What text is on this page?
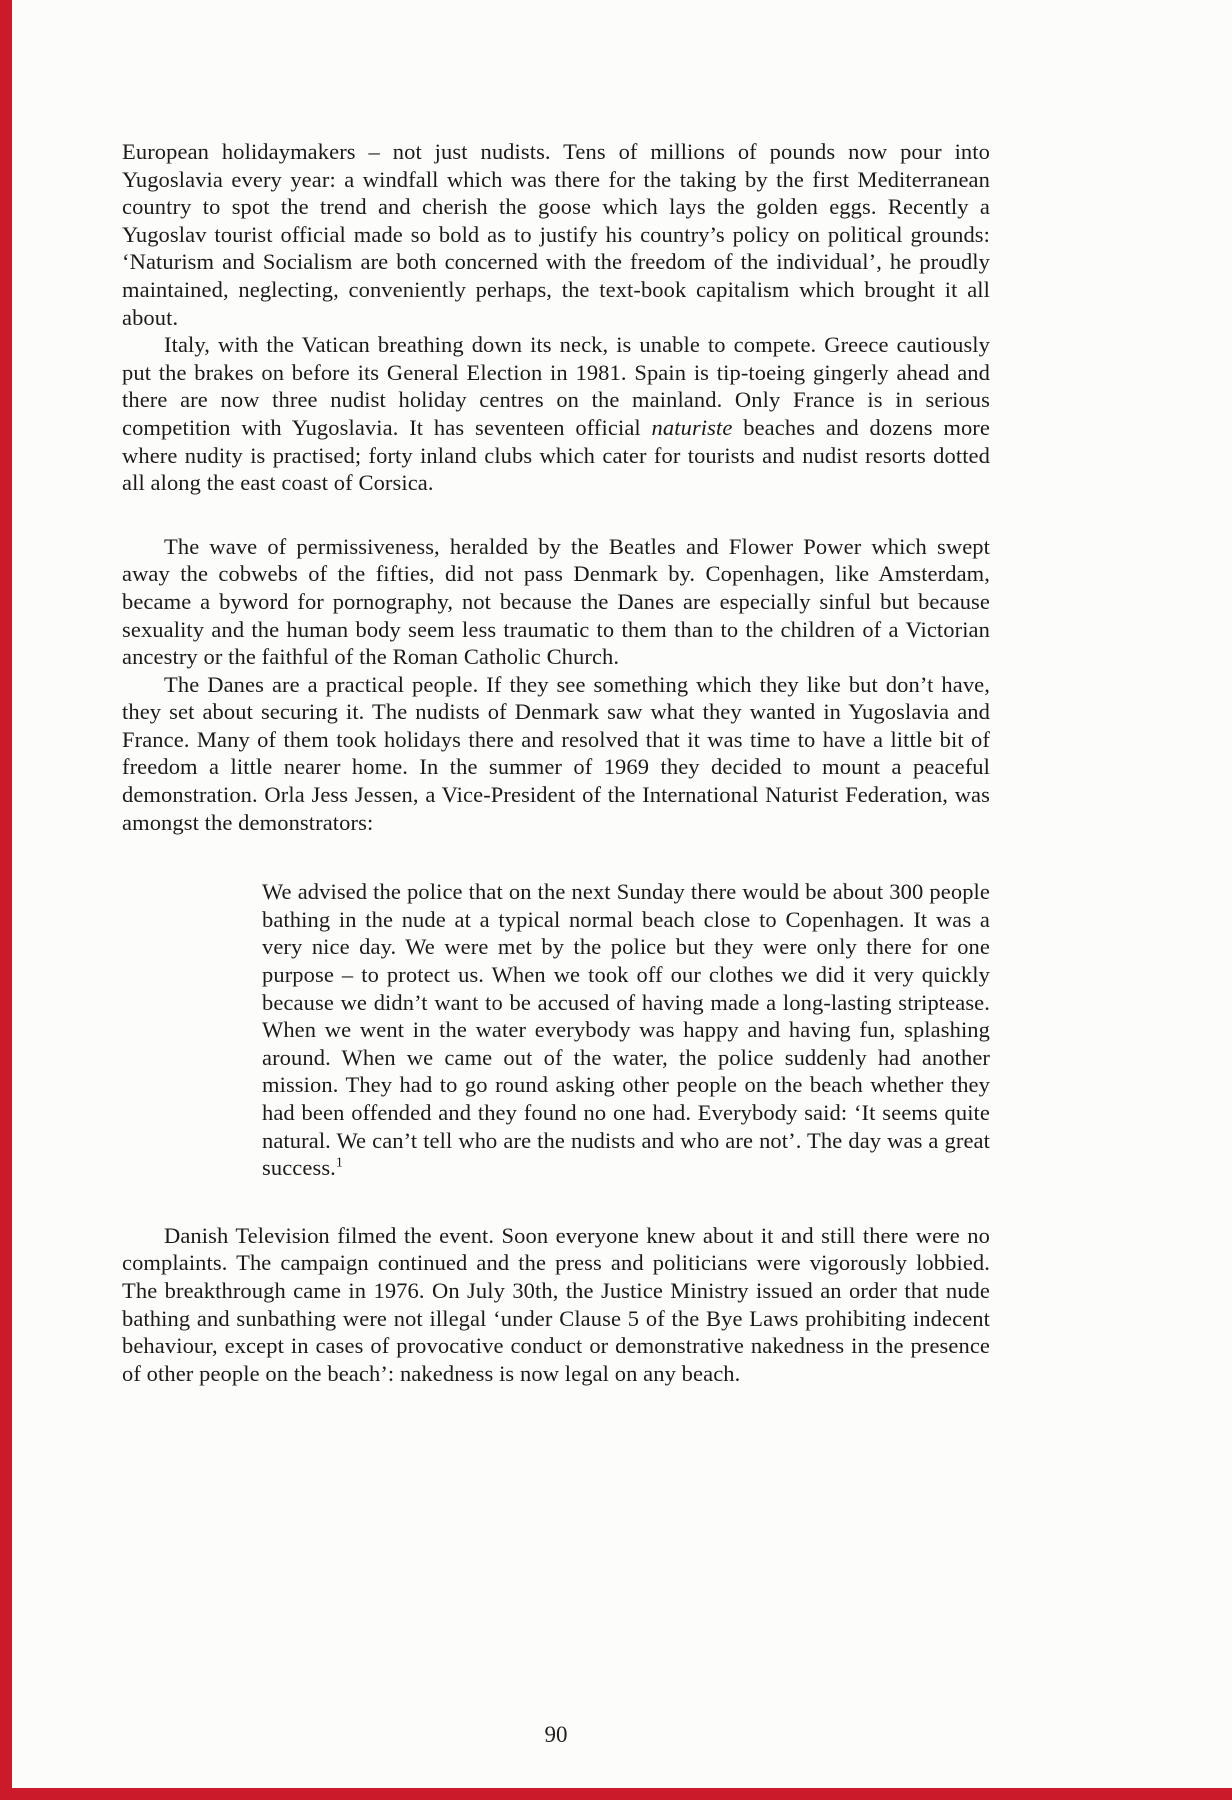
European holidaymakers – not just nudists. Tens of millions of pounds now pour into Yugoslavia every year: a windfall which was there for the taking by the first Mediterranean country to spot the trend and cherish the goose which lays the golden eggs. Recently a Yugoslav tourist official made so bold as to justify his country’s policy on political grounds: ‘Naturism and Socialism are both concerned with the freedom of the individual’, he proudly maintained, neglecting, conveniently perhaps, the text-book capitalism which brought it all about.

Italy, with the Vatican breathing down its neck, is unable to compete. Greece cautiously put the brakes on before its General Election in 1981. Spain is tip-toeing gingerly ahead and there are now three nudist holiday centres on the mainland. Only France is in serious competition with Yugoslavia. It has seventeen official naturiste beaches and dozens more where nudity is practised; forty inland clubs which cater for tourists and nudist resorts dotted all along the east coast of Corsica.

The wave of permissiveness, heralded by the Beatles and Flower Power which swept away the cobwebs of the fifties, did not pass Denmark by. Copenhagen, like Amsterdam, became a byword for pornography, not because the Danes are especially sinful but because sexuality and the human body seem less traumatic to them than to the children of a Victorian ancestry or the faithful of the Roman Catholic Church.

The Danes are a practical people. If they see something which they like but don’t have, they set about securing it. The nudists of Denmark saw what they wanted in Yugoslavia and France. Many of them took holidays there and resolved that it was time to have a little bit of freedom a little nearer home. In the summer of 1969 they decided to mount a peaceful demonstration. Orla Jess Jessen, a Vice-President of the International Naturist Federation, was amongst the demonstrators:

We advised the police that on the next Sunday there would be about 300 people bathing in the nude at a typical normal beach close to Copenhagen. It was a very nice day. We were met by the police but they were only there for one purpose – to protect us. When we took off our clothes we did it very quickly because we didn’t want to be accused of having made a long-lasting striptease. When we went in the water everybody was happy and having fun, splashing around. When we came out of the water, the police suddenly had another mission. They had to go round asking other people on the beach whether they had been offended and they found no one had. Everybody said: ‘It seems quite natural. We can’t tell who are the nudists and who are not’. The day was a great success.$^1$

Danish Television filmed the event. Soon everyone knew about it and still there were no complaints. The campaign continued and the press and politicians were vigorously lobbied. The breakthrough came in 1976. On July 30th, the Justice Ministry issued an order that nude bathing and sunbathing were not illegal ‘under Clause 5 of the Bye Laws prohibiting indecent behaviour, except in cases of provocative conduct or demonstrative nakedness in the presence of other people on the beach’: nakedness is now legal on any beach.

90
